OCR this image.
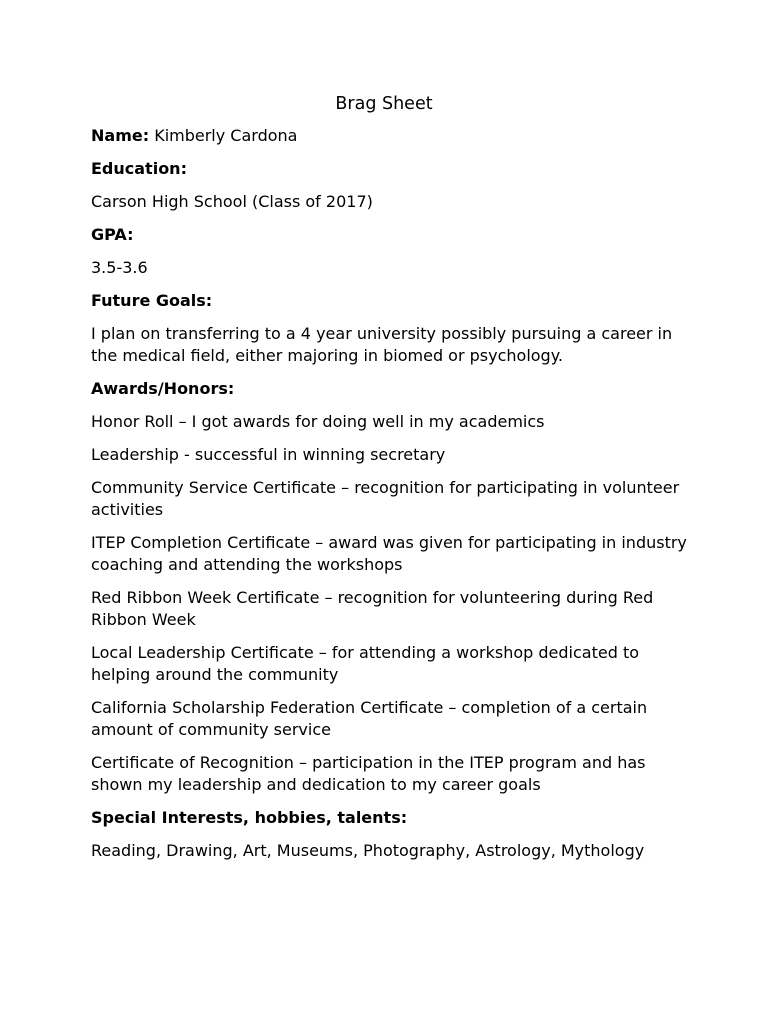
Brag Sheet
Name: Kimberly Cardona
Education:
Carson High School (Class of 2017)
GPA:
3.5-3.6
Future Goals:
I plan on transferring to a 4 year university possibly pursuing a career in the medical field, either majoring in biomed or psychology.
Awards/Honors:
Honor Roll – I got awards for doing well in my academics
Leadership - successful in winning secretary
Community Service Certificate – recognition for participating in volunteer activities
ITEP Completion Certificate – award was given for participating in industry coaching and attending the workshops
Red Ribbon Week Certificate – recognition for volunteering during Red Ribbon Week
Local Leadership Certificate – for attending a workshop dedicated to helping around the community
California Scholarship Federation Certificate – completion of a certain amount of community service
Certificate of Recognition – participation in the ITEP program and has shown my leadership and dedication to my career goals
Special Interests, hobbies, talents:
Reading, Drawing, Art, Museums, Photography, Astrology, Mythology
